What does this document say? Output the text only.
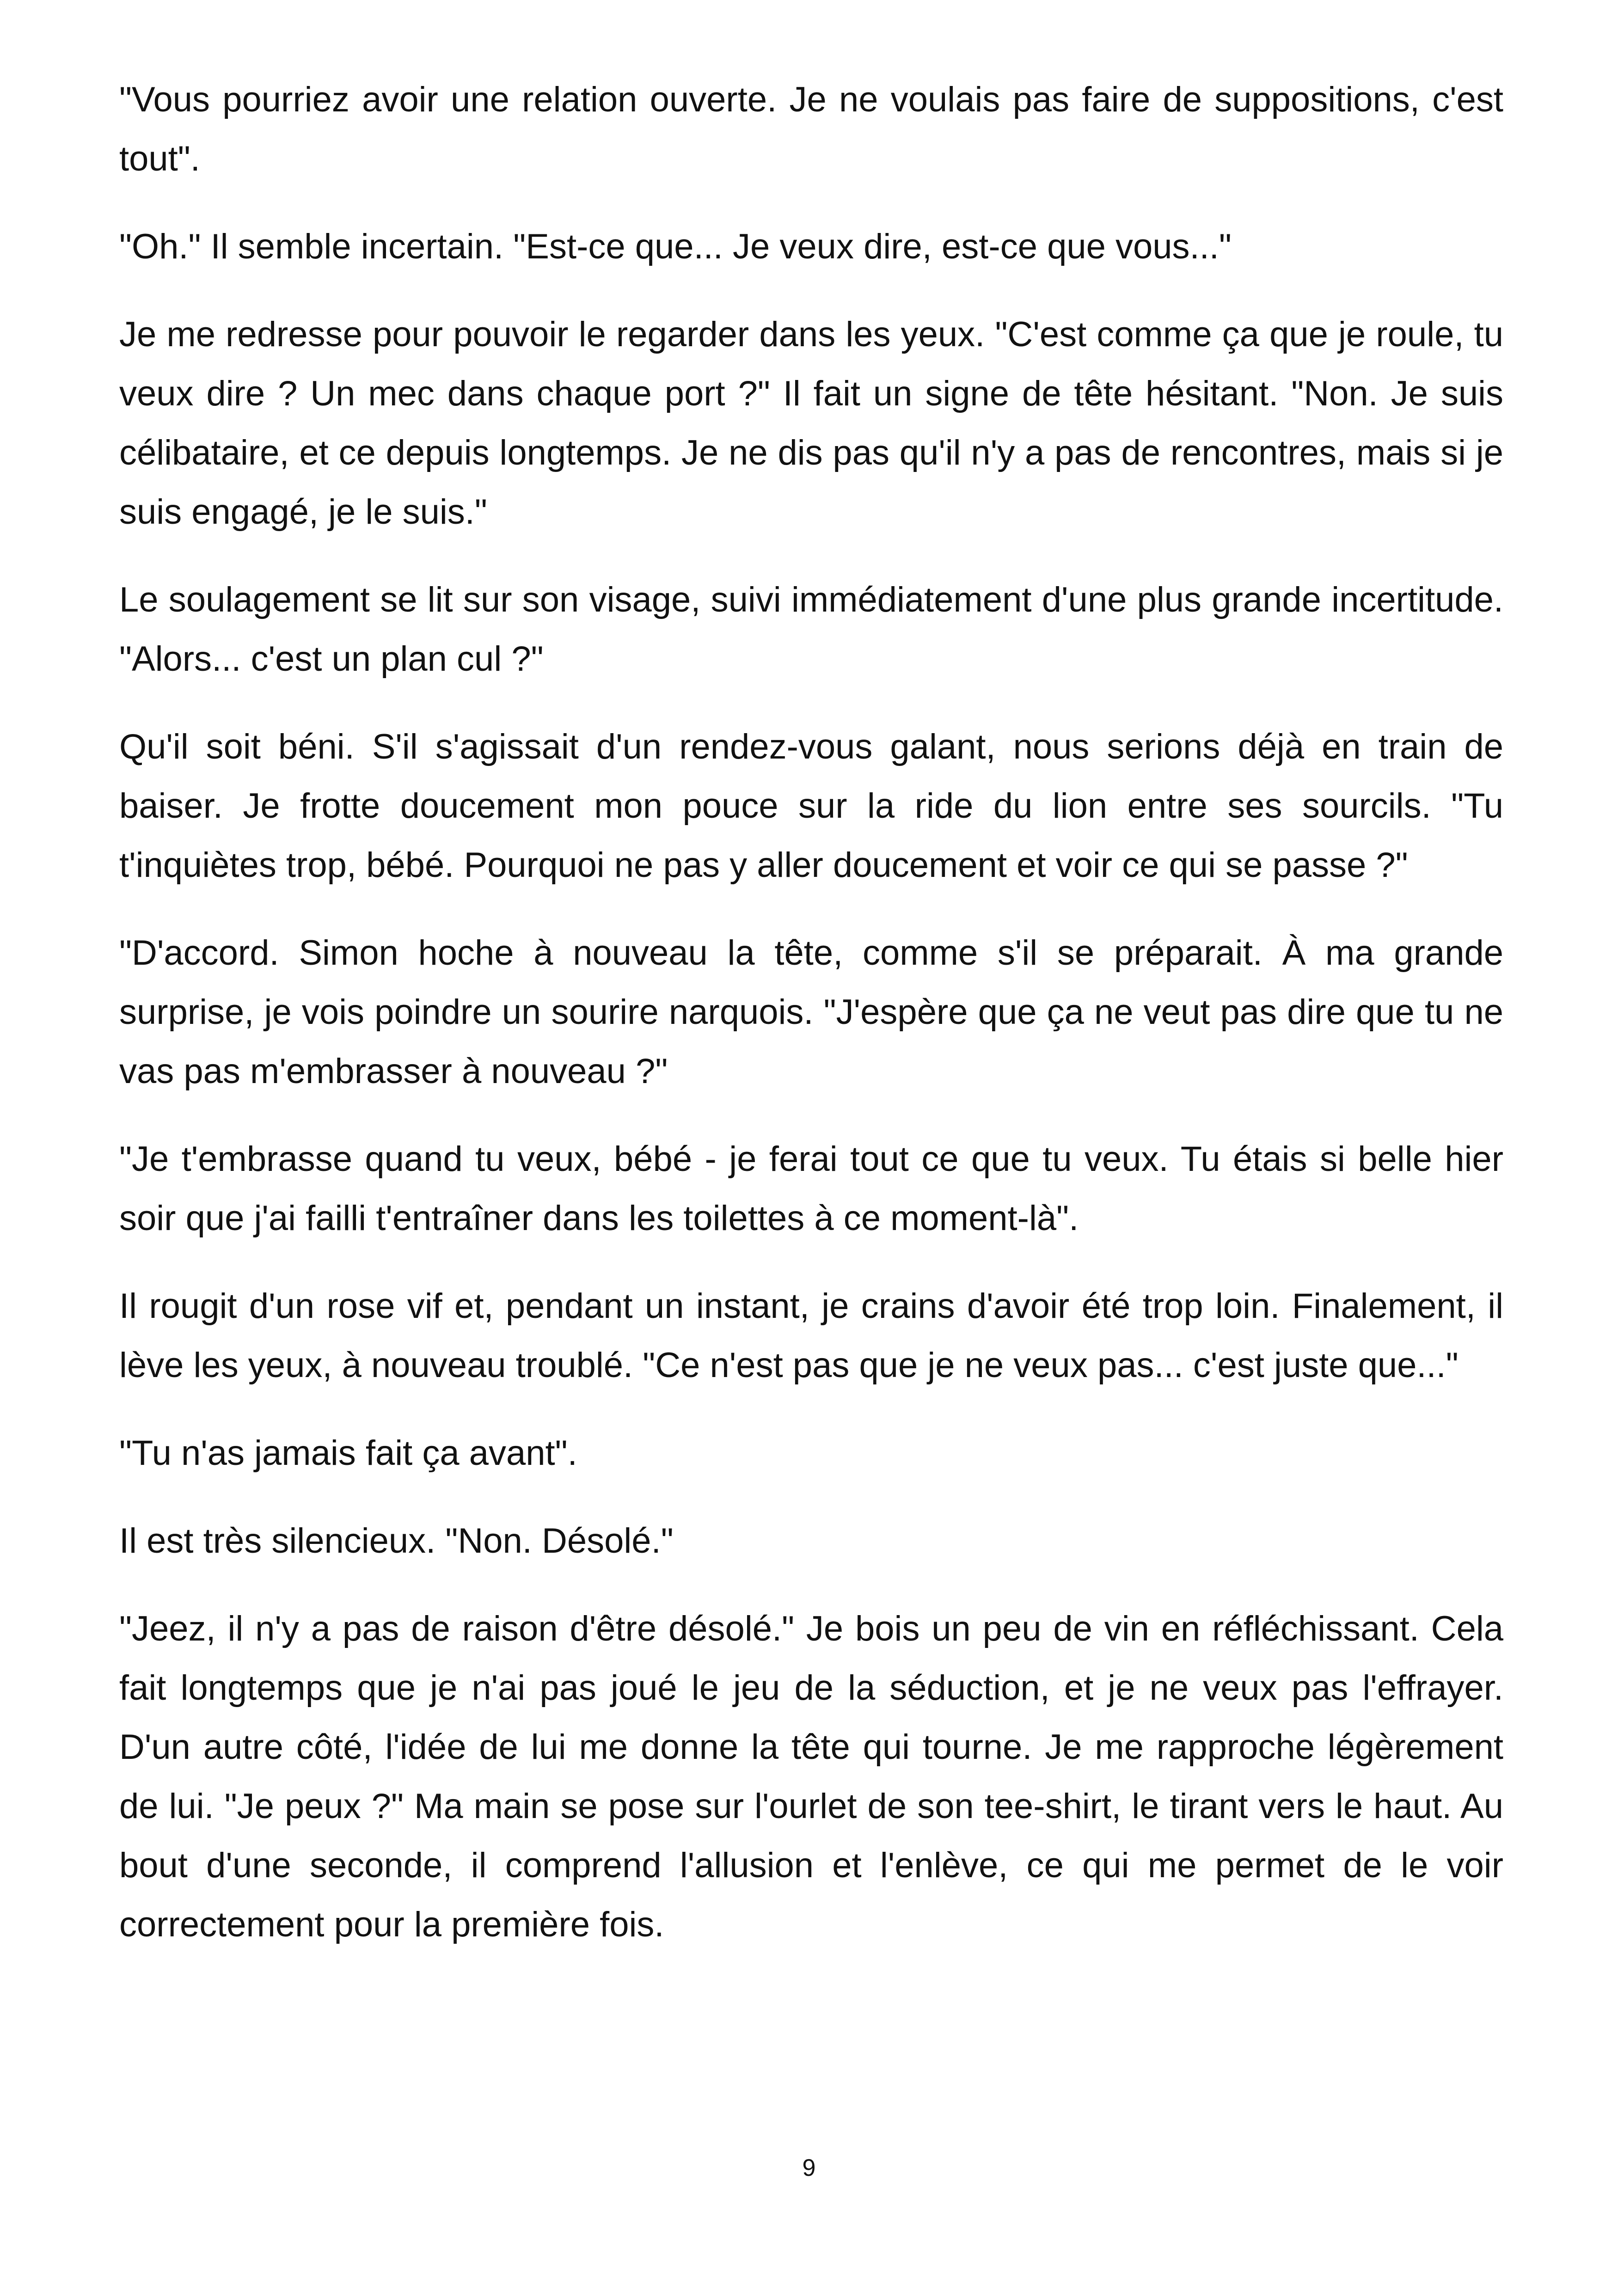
"Vous pourriez avoir une relation ouverte. Je ne voulais pas faire de suppositions, c'est tout".

"Oh." Il semble incertain. "Est-ce que... Je veux dire, est-ce que vous..."

Je me redresse pour pouvoir le regarder dans les yeux. "C'est comme ça que je roule, tu veux dire ? Un mec dans chaque port ?" Il fait un signe de tête hésitant. "Non. Je suis célibataire, et ce depuis longtemps. Je ne dis pas qu'il n'y a pas de rencontres, mais si je suis engagé, je le suis."

Le soulagement se lit sur son visage, suivi immédiatement d'une plus grande incertitude. "Alors... c'est un plan cul ?"

Qu'il soit béni. S'il s'agissait d'un rendez-vous galant, nous serions déjà en train de baiser. Je frotte doucement mon pouce sur la ride du lion entre ses sourcils. "Tu t'inquiètes trop, bébé. Pourquoi ne pas y aller doucement et voir ce qui se passe ?"

"D'accord. Simon hoche à nouveau la tête, comme s'il se préparait. À ma grande surprise, je vois poindre un sourire narquois. "J'espère que ça ne veut pas dire que tu ne vas pas m'embrasser à nouveau ?"

"Je t'embrasse quand tu veux, bébé - je ferai tout ce que tu veux. Tu étais si belle hier soir que j'ai failli t'entraîner dans les toilettes à ce moment-là".

Il rougit d'un rose vif et, pendant un instant, je crains d'avoir été trop loin. Finalement, il lève les yeux, à nouveau troublé. "Ce n'est pas que je ne veux pas... c'est juste que..."

"Tu n'as jamais fait ça avant".

Il est très silencieux. "Non. Désolé."

"Jeez, il n'y a pas de raison d'être désolé." Je bois un peu de vin en réfléchissant. Cela fait longtemps que je n'ai pas joué le jeu de la séduction, et je ne veux pas l'effrayer. D'un autre côté, l'idée de lui me donne la tête qui tourne. Je me rapproche légèrement de lui. "Je peux ?" Ma main se pose sur l'ourlet de son tee-shirt, le tirant vers le haut. Au bout d'une seconde, il comprend l'allusion et l'enlève, ce qui me permet de le voir correctement pour la première fois.

9
